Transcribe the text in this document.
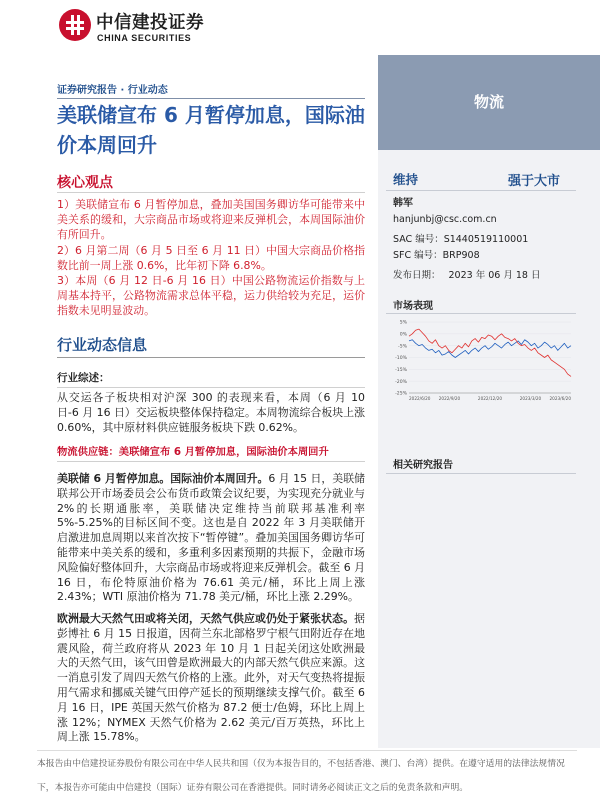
中信建投证券
CHINA SECURITIES
物流
证券研究报告 · 行业动态
美联储宣布 6 月暂停加息，国际油价本周回升
核心观点

1）美联储宣布 6 月暂停加息，叠加美国国务卿访华可能带来中美关系的缓和，大宗商品市场或将迎来反弹机会，本周国际油价有所回升。

2）6 月第二周（6 月 5 日至 6 月 11 日）中国大宗商品价格指数比前一周上涨 0.6%，比年初下降 6.8%。

3）本周（6 月 12 日-6 月 16 日）中国公路物流运价指数与上周基本持平，公路物流需求总体平稳，运力供给较为充足，运价指数未见明显波动。

行业动态信息
行业综述：

从交运各子板块相对沪深 300 的表现来看，本周（6 月 10 日-6 月 16 日）交运板块整体保持稳定。本周物流综合板块上涨 0.60%，其中原材料供应链服务板块下跌 0.62%。

物流供应链：美联储宣布 6 月暂停加息，国际油价本周回升

美联储 6 月暂停加息。国际油价本周回升。6 月 15 日，美联储联邦公开市场委员会公布货币政策会议纪要，为实现充分就业与 2%的长期通胀率，美联储决定维持当前联邦基准利率 5%-5.25%的目标区间不变。这也是自 2022 年 3 月美联储开启激进加息周期以来首次按下“暂停键”。叠加美国国务卿访华可能带来中美关系的缓和，多重利多因素预期的共振下，金融市场风险偏好整体回升，大宗商品市场或将迎来反弹机会。截至 6 月 16 日，布伦特原油价格为 76.61 美元/桶，环比上周上涨 2.43%；WTI 原油价格为 71.78 美元/桶，环比上涨 2.29%。

欧洲最大天然气田或将关闭，天然气供应或仍处于紧张状态。据彭博社 6 月 15 日报道，因荷兰东北部格罗宁根气田附近存在地震风险，荷兰政府将从 2023 年 10 月 1 日起关闭这处欧洲最大的天然气田，该气田曾是欧洲最大的内部天然气供应来源。这一消息引发了周四天然气价格的上涨。此外，对天气变热将提振用气需求和挪威关键气田停产延长的预期继续支撑气价。截至 6 月 16 日，IPE 英国天然气价格为 87.2 便士/色姆，环比上周上涨 12%；NYMEX 天然气价格为 2.62 美元/百万英热，环比上周上涨 15.78%。

维持	强于大市
韩军
hanjunbj@csc.com.cn
SAC 编号：S1440519110001
SFC 编号：BRP908
发布日期： 2023 年 06 月 18 日
市场表现
5%
0%
-5%
-10%
-15%
-20%
-25%
2022/6/20 2022/9/20	2022/12/20	2023/3/20 2023/6/20
相关研究报告

本报告由中信建投证券股份有限公司在中华人民共和国（仅为本报告目的，不包括香港、澳门、台湾）提供。在遵守适用的法律法规情况下，本报告亦可能由中信建投（国际）证券有限公司在香港提供。同时请务必阅读正文之后的免责条款和声明。
